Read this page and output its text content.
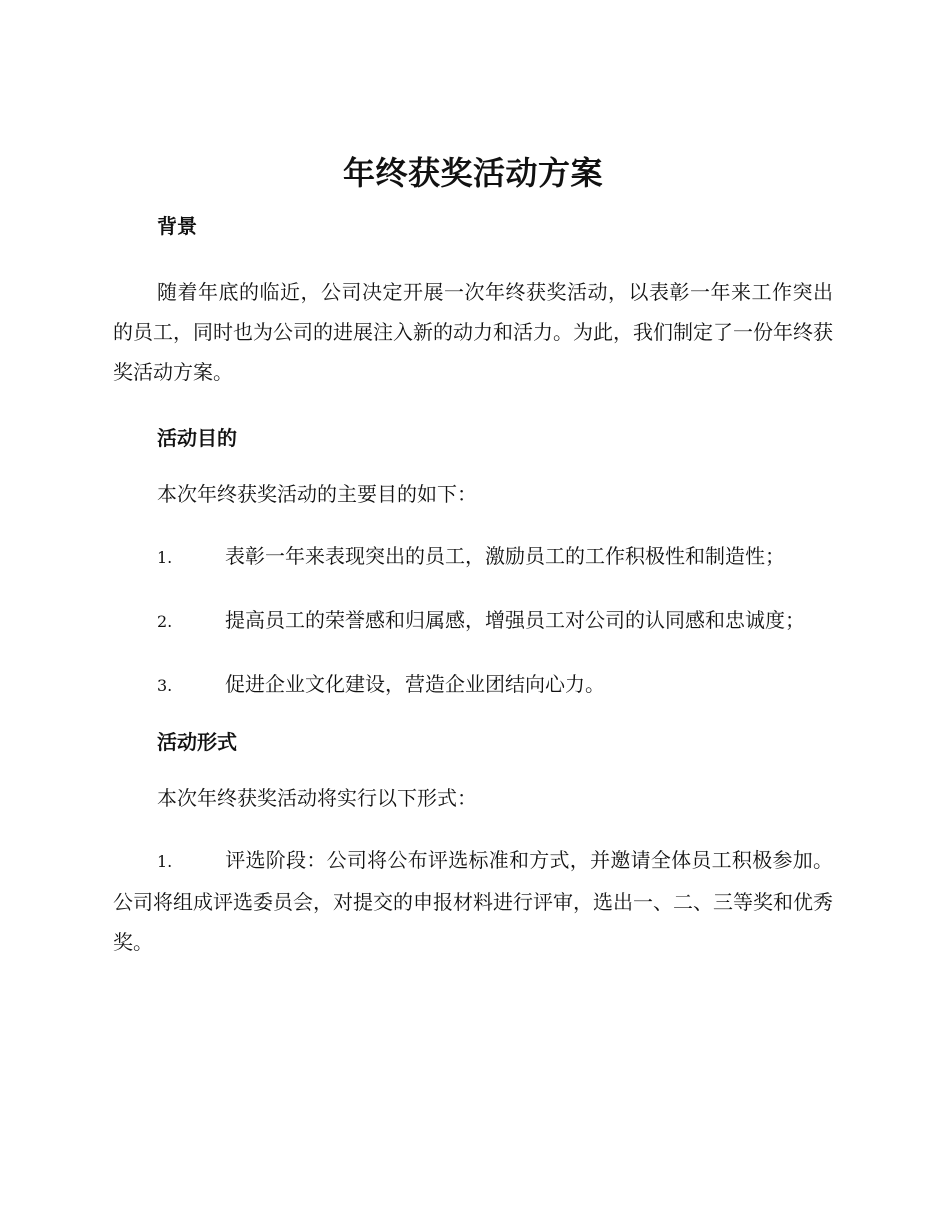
年终获奖活动方案
背景

随着年底的临近，公司决定开展一次年终获奖活动，以表彰一年来工作突出的员工，同时也为公司的进展注入新的动力和活力。为此，我们制定了一份年终获奖活动方案。

活动目的

本次年终获奖活动的主要目的如下：

1.	表彰一年来表现突出的员工，激励员工的工作积极性和制造性；

2.	提高员工的荣誉感和归属感，增强员工对公司的认同感和忠诚度；

3.	促进企业文化建设，营造企业团结向心力。

活动形式

本次年终获奖活动将实行以下形式：

1.	评选阶段：公司将公布评选标准和方式，并邀请全体员工积极参加。公司将组成评选委员会，对提交的申报材料进行评审，选出一、二、三等奖和优秀奖。
